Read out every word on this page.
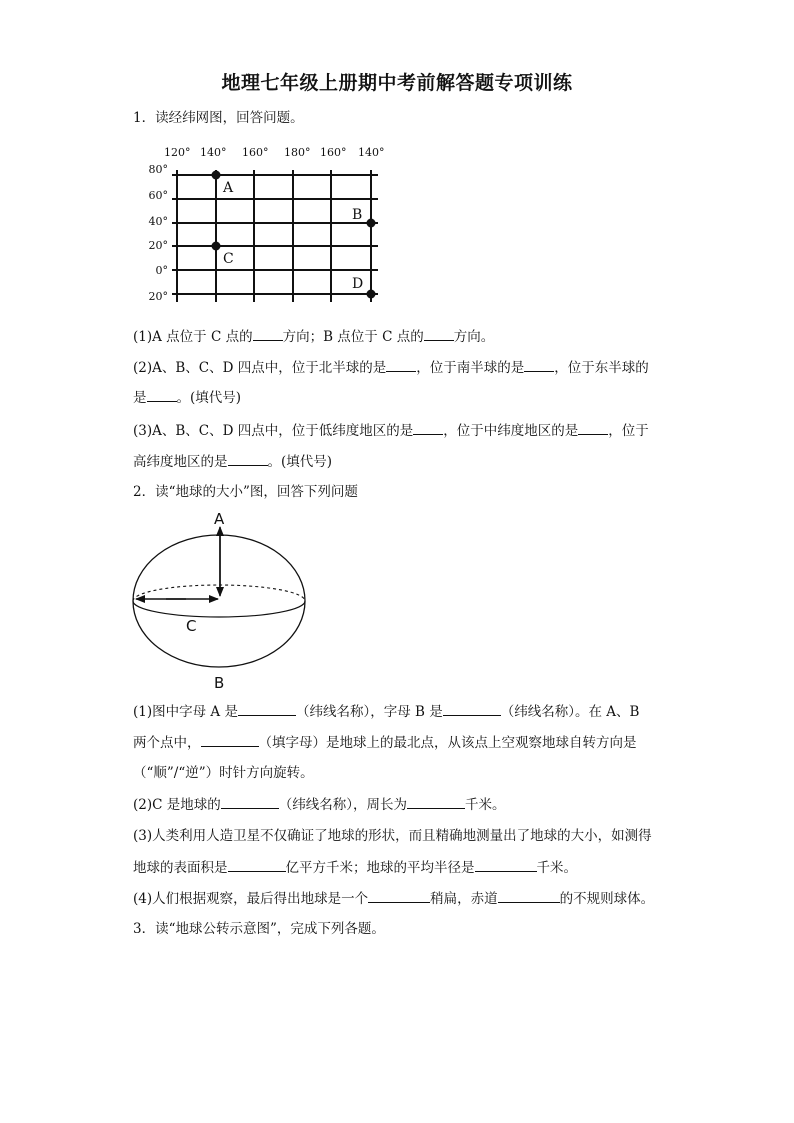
地理七年级上册期中考前解答题专项训练
1．读经纬网图，回答问题。
120° 140° 160° 180° 160° 140°
80°
60°
40°
20°
0°
20°
A
B
C
D
(1)A 点位于 C 点的 方向；B 点位于 C 点的 方向。
(2)A、B、C、D 四点中，位于北半球的是 ，位于南半球的是 ，位于东半球的
是 。(填代号)
(3)A、B、C、D 四点中，位于低纬度地区的是 ，位于中纬度地区的是 ，位于
高纬度地区的是	。(填代号)
2．读“地球的大小”图，回答下列问题
A
C
B
(1)图中字母 A 是	（纬线名称），字母 B 是	（纬线名称）。在 A、B
两个点中，	（填字母）是地球上的最北点，从该点上空观察地球自转方向是
（“顺”/“逆”）时针方向旋转。
(2)C 是地球的	（纬线名称），周长为	千米。
(3)人类利用人造卫星不仅确证了地球的形状，而且精确地测量出了地球的大小，如测得
地球的表面积是	亿平方千米；地球的平均半径是	千米。
(4)人们根据观察，最后得出地球是一个	稍扁，赤道	的不规则球体。
3．读“地球公转示意图”，完成下列各题。
